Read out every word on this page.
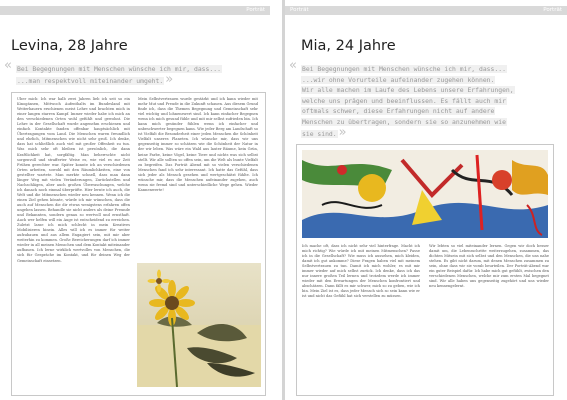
Porträt
Levina, 28 Jahre
« Bei Begegnungen mit Menschen wünsche ich mir, dass...
...man respektvoll miteinander umgeht. »

Über mich: Ich war halb zwei Jahren lieb ich seit so ein Kinogänsen, Mittwoch Aufenthalts im Bundesland mit Weiterhauern erschienen meist Lehre und brachten mich in einer langen starren Kampf. Immer wieder habe ich mich an den verschiedenen Orten wohl gefühlt und gewohnt. Die Lehre in der Gesellschaft wurde angenehm erschienen und einfach Kontakte fanden offenbar hauptsächlich mit Übertragungen vom Land. Die Menschen waren freundlich und ehrlich, Mitmenschen wie nicht sehr groß. Ich denke, dass hat schließlich auch viel mit großer Offenheit zu tun. Was mich sehr oft bleiben ist persönlich, die dann Kraftlichkeit hat, sorgfältig. Man beherrschte nicht sorgenvoll und strafferter Weise es, wie viel es zur Zeit Frühen gerechter war. Später konnte ich an verschiedenen Orten arbeiten, sowohl mit den Räumlichkeiten, eine von gestellter wartete. Man merkte schnell, dass man dann länger Weg mit vielen Veränderungen, Zurückstellen und Nachschlägen, aber auch großen Überraschungen, welche ich danach noch einmal überprüfte. Hier lernte ich auch, die Welt und die Mitmenschen wieder neu kennen. Wenn ich die einen Ziel gehen könnte, würde ich mir wünschen, dass die auch auf Menschen die dir etwas wenigstens erfahren offen ungehen lassen. Behandle sie nicht anders als deine Freunde und Bekannten, sondern genau so wertvoll und ernsthaft. Auch wer helfen will ein Auge ist entscheidend zu erreichen. Zuletzt lasse ich mich schlecht in mein Kreatives Mobilisieren hinein. Alles will ich es immer für weiter aufzubauen und aus allem Engagiert sein, mit mir aber weiterhin zu kommen. Große Bereicherungen darf ich immer wieder in all meinen Menschen und dem Kontakt miteinander aufbauen. Ich lerne wirklich wertvolles von Menschen, die sich für Gespräche im Kontakt, und für deinen Weg der Gemeinschaft einsetzen.

Mein Selbstvertrauen wurde gestärkt und ich kann wieder mit mehr Mut und Freude in die Zukunft schauen. Aus diesem Grund finde ich, dass die Themen Begegnung und Gemeinschaft sehr viel wichtig und lohnenswert sind. Ich kann einfacher Begegnen wenn ich mich gesund fühle und mit mir selbst zufrieden bin. Ich kann mich gesünder fühlen wenn ich einfacher und unbeschwerter begegnen kann. Wie jeder Berg am Landschaft so ist Vielfalt die Besonderheit einer jeden Menschen die Schönheit Vielfalt unseres Planeten. Ich wünsche mir, dass wir uns gegenseitig immer so schätzen wie die Schönheit der Natur in der wir leben. Was wäre ein Wald aus lauter Bäume, kein Grün, keine Farbe, keine Vögel, keine Tiere und nichts was sich selbst stellt. Wir alle sollten so offen sein, um die Welt als bunte Vielfalt zu begreifen. Das Porträt Abend mit so vielen verschiedenen Menschen fand ich sehr interessant. Ich hatte das Gefühl, dass sich jeder als Mensch gesehen und wertgeschätzt fühlte. Ich wünsche mir, dass die Menschen aufeinander zugehen, auch wenn sie fremd sind und unterschiedliche Wege gehen. Wieder Kannenwerte!

Porträt	Porträt
Mia, 24 Jahre
« Bei Begegnungen mit Menschen wünsche ich mir, dass...
...wir ohne Vorurteile aufeinander zugehen können.
Wir alle machen im Laufe des Lebens unsere Erfahrungen,
welche uns prägen und beeinflussen. Es fällt auch mir
oftmals schwer, diese Erfahrungen nicht auf andere
Menschen zu übertragen, sondern sie so anzunehmen wie
sie sind. »

Ich mache oft, dass ich nicht sehr viel hinterfrage. Macht ich mich richtig? Wie würde ich mit meinen Mitmenschen? Passe ich in die Gesellschaft? Wie muss ich aussehen, mich kleiden, damit ich gut ankomme? Diese Fragen haben viel mit meinem Selbstvertrauen zu tun. Damit ich mich wohler, es mit mir immer wieder auf mich selbst zurück. Ich denke, dass ich das nur innere großen Teil lernen und trotzdem werde ich immer wieder mit den Erwartungen der Menschen konfrontiert und abschätzen. Dann fällt es mir schwer, mich so zu geben, wie ich bin. Mein Ziel ist es, dass jeder Mensch sich so sein kann wie er ist und nicht das Gefühl hat sich verstellen zu müssen.

Wir lebten so viel miteinander lernen. Gegen wir doch besser damit um, die Lebensschritte weiterzugehen, zusammen, das dichten Mitsein mit sich selbst und den Menschen, die uns nahe stehen. Es gibt nicht darum, mit denen Menschen zusammen zu sein, ohne dass wir sie vorab beurteilen. Der Porträt-Abend war ein guter Beispiel dafür. Ich habe mich gut gefühlt, zwischen den verschiedenen Menschen, welche mir zum ersten Mal begegnet sind. Wir alle haben uns gegenseitig zugehört und uns wieder neu kennengelernt.
